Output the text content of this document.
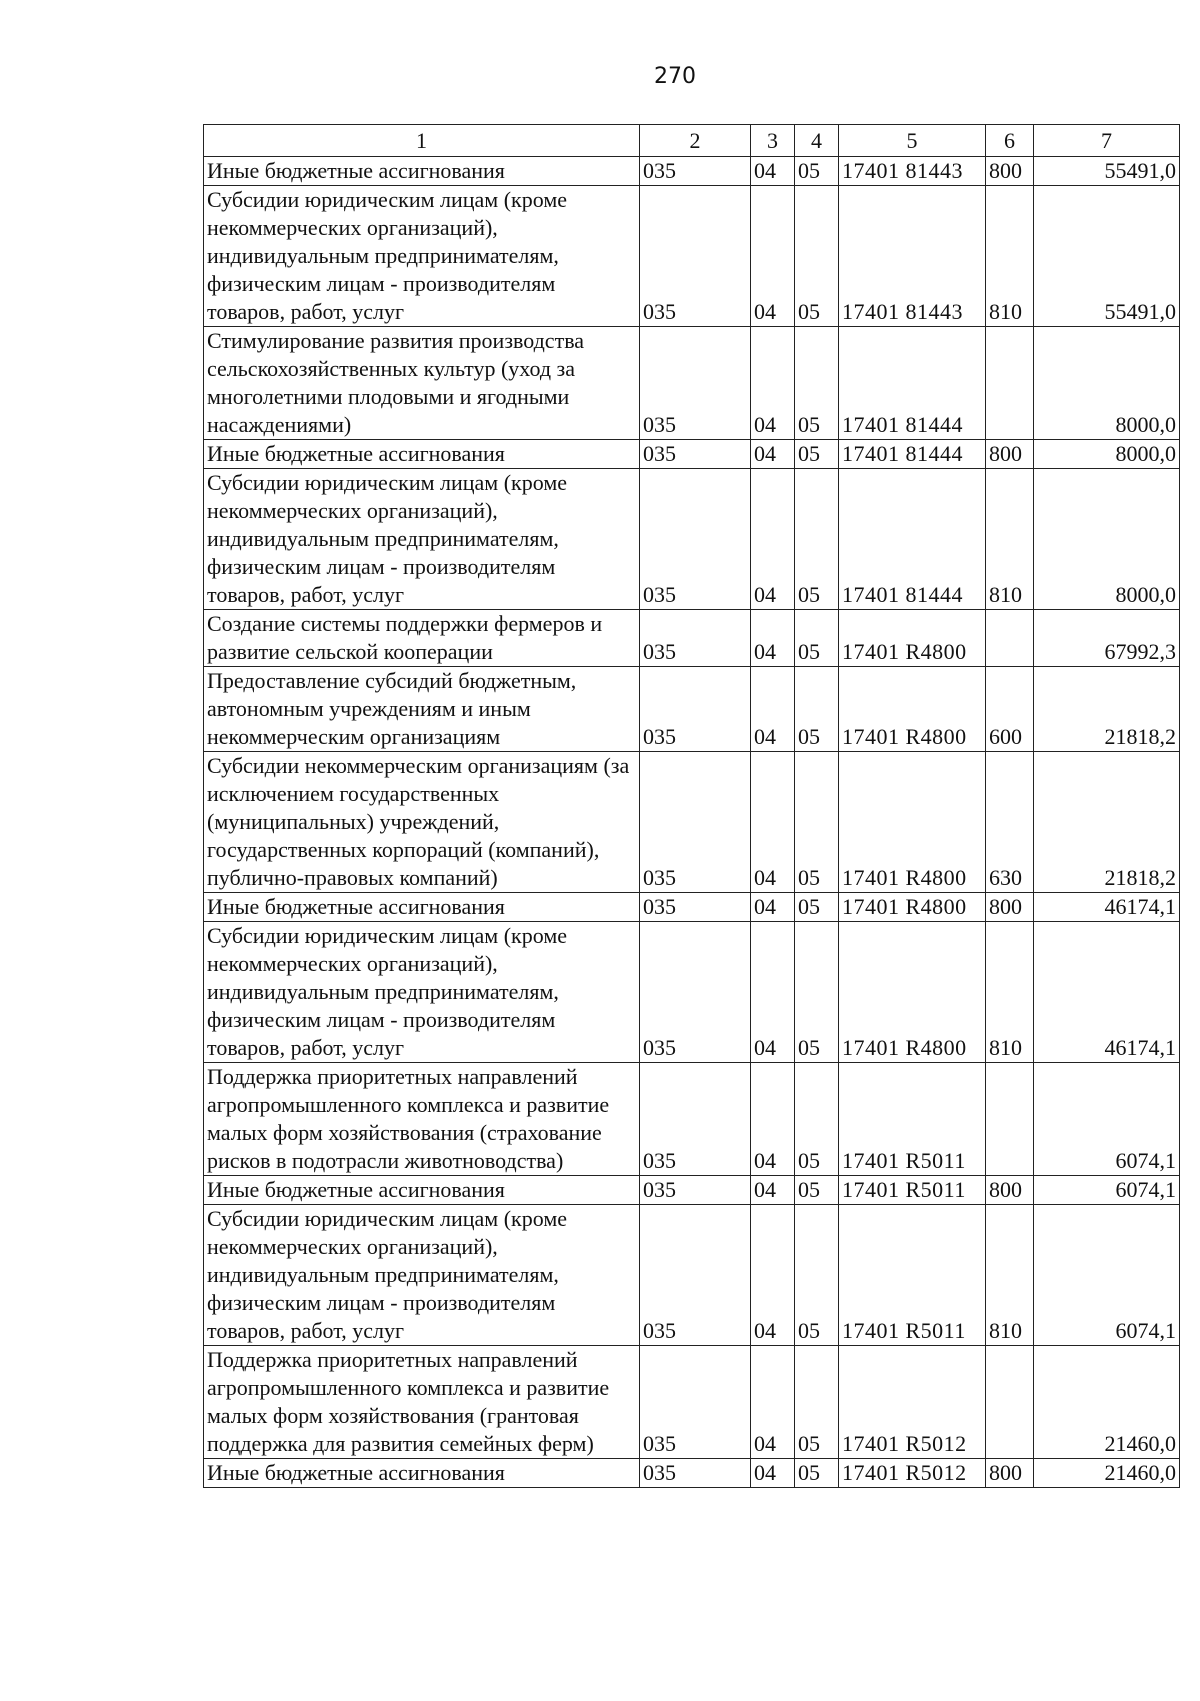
270
1	2	3	4	5	6	7
Иные бюджетные ассигнования	035	04	05	17401 81443	800	55491,0
Субсидии юридическим лицам (кроме некоммерческих организаций), индивидуальным предпринимателям, физическим лицам - производителям товаров, работ, услуг	035	04	05	17401 81443	810	55491,0
Стимулирование развития производства сельскохозяйственных культур (уход за многолетними плодовыми и ягодными насаждениями)	035	04	05	17401 81444		8000,0
Иные бюджетные ассигнования	035	04	05	17401 81444	800	8000,0
Субсидии юридическим лицам (кроме некоммерческих организаций), индивидуальным предпринимателям, физическим лицам - производителям товаров, работ, услуг	035	04	05	17401 81444	810	8000,0
Создание системы поддержки фермеров и развитие сельской кооперации	035	04	05	17401 R4800		67992,3
Предоставление субсидий бюджетным, автономным учреждениям и иным некоммерческим организациям	035	04	05	17401 R4800	600	21818,2
Субсидии некоммерческим организациям (за исключением государственных (муниципальных) учреждений, государственных корпораций (компаний), публично-правовых компаний)	035	04	05	17401 R4800	630	21818,2
Иные бюджетные ассигнования	035	04	05	17401 R4800	800	46174,1
Субсидии юридическим лицам (кроме некоммерческих организаций), индивидуальным предпринимателям, физическим лицам - производителям товаров, работ, услуг	035	04	05	17401 R4800	810	46174,1
Поддержка приоритетных направлений агропромышленного комплекса и развитие малых форм хозяйствования (страхование рисков в подотрасли животноводства)	035	04	05	17401 R5011		6074,1
Иные бюджетные ассигнования	035	04	05	17401 R5011	800	6074,1
Субсидии юридическим лицам (кроме некоммерческих организаций), индивидуальным предпринимателям, физическим лицам - производителям товаров, работ, услуг	035	04	05	17401 R5011	810	6074,1
Поддержка приоритетных направлений агропромышленного комплекса и развитие малых форм хозяйствования (грантовая поддержка для развития семейных ферм)	035	04	05	17401 R5012		21460,0
Иные бюджетные ассигнования	035	04	05	17401 R5012	800	21460,0
